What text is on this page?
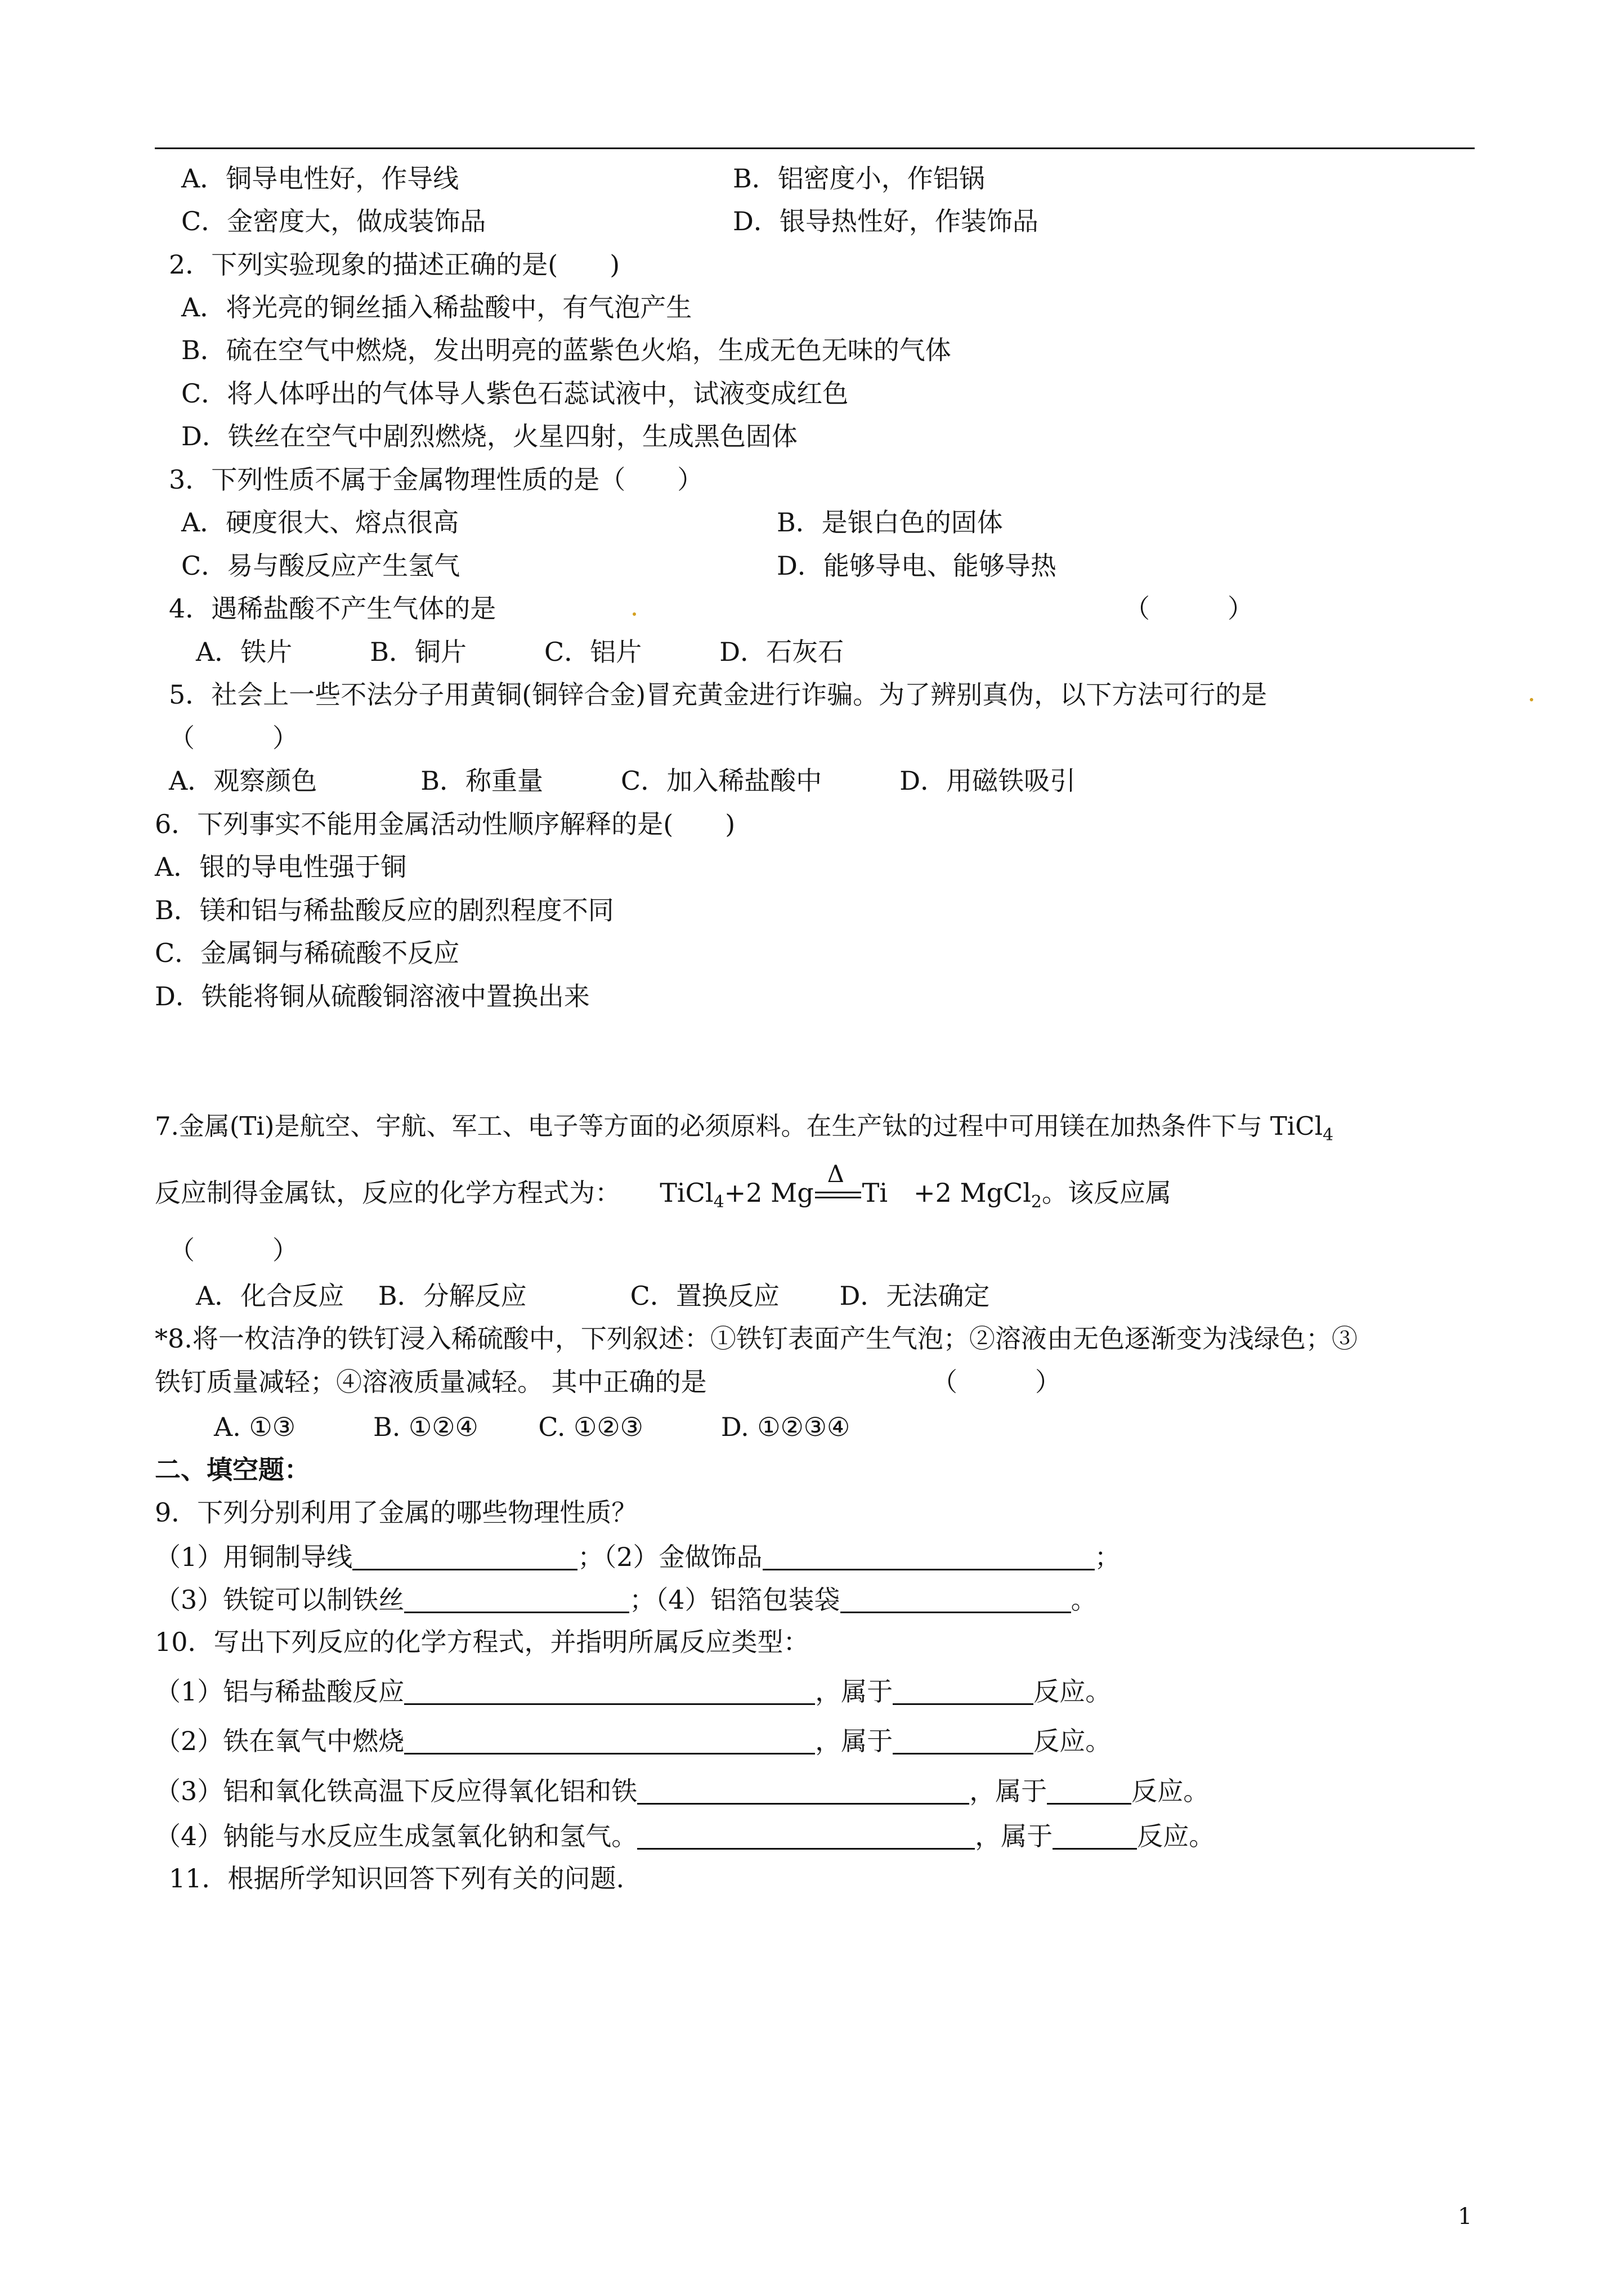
A．铜导电性好，作导线	B．铝密度小，作铝锅
C．金密度大，做成装饰品	D．银导热性好，作装饰品
2．下列实验现象的描述正确的是(　　)
A．将光亮的铜丝插入稀盐酸中，有气泡产生
B．硫在空气中燃烧，发出明亮的蓝紫色火焰，生成无色无味的气体
C．将人体呼出的气体导人紫色石蕊试液中，试液变成红色
D．铁丝在空气中剧烈燃烧，火星四射，生成黑色固体
3．下列性质不属于金属物理性质的是（　　）
A．硬度很大、熔点很高	B．是银白色的固体
C．易与酸反应产生氢气	D．能够导电、能够导热
4．遇稀盐酸不产生气体的是	（　　　）
A．铁片　　　B．铜片　　　C．铝片　　　D．石灰石
5．社会上一些不法分子用黄铜(铜锌合金)冒充黄金进行诈骗。为了辨别真伪，以下方法可行的是
（　　　）
A．观察颜色　　　　B．称重量　　　C．加入稀盐酸中　　　D．用磁铁吸引
6．下列事实不能用金属活动性顺序解释的是(　　)
A．银的导电性强于铜
B．镁和铝与稀盐酸反应的剧烈程度不同
C．金属铜与稀硫酸不反应
D．铁能将铜从硫酸铜溶液中置换出来
7.金属(Ti)是航空、宇航、军工、电子等方面的必须原料。在生产钛的过程中可用镁在加热条件下与 TiCl$_4$
反应制得金属钛，反应的化学方程式为： TiCl$_4$+2 Mg
Δ
Ti　+2 MgCl$_2$。该反应属
（　　　）
A．化合反应　 B．分解反应　　　　C．置换反应　　 D．无法确定
*8.将一枚洁净的铁钉浸入稀硫酸中，下列叙述：①铁钉表面产生气泡；②溶液由无色逐渐变为浅绿色；③
铁钉质量减轻；④溶液质量减轻。 其中正确的是	（　　　）
A. ①③　　　B. ①②④　　 C. ①②③　　　D. ①②③④
二、填空题：
9．下列分别利用了金属的哪些物理性质？
（1）用铜制导线	；（2）金做饰品	；
（3）铁锭可以制铁丝	；（4）铝箔包装袋	。
10．写出下列反应的化学方程式，并指明所属反应类型：
（1）铝与稀盐酸反应	，属于	反应。
（2）铁在氧气中燃烧	，属于	反应。
（3）铝和氧化铁高温下反应得氧化铝和铁	，属于	反应。
（4）钠能与水反应生成氢氧化钠和氢气。	，属于	反应。
11．根据所学知识回答下列有关的问题.
1
